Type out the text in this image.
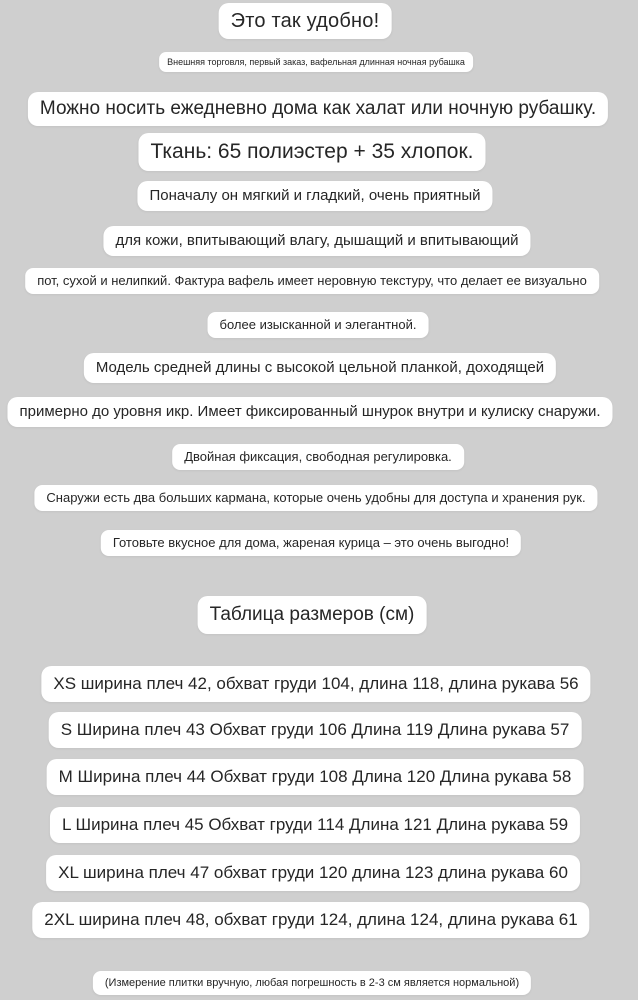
Это так удобно!
Внешняя торговля, первый заказ, вафельная длинная ночная рубашка
Можно носить ежедневно дома как халат или ночную рубашку.
Ткань: 65 полиэстер + 35 хлопок.
Поначалу он мягкий и гладкий, очень приятный
для кожи, впитывающий влагу, дышащий и впитывающий
пот, сухой и нелипкий. Фактура вафель имеет неровную текстуру, что делает ее визуально
более изысканной и элегантной.
Модель средней длины с высокой цельной планкой, доходящей
примерно до уровня икр. Имеет фиксированный шнурок внутри и кулиску снаружи.
Двойная фиксация, свободная регулировка.
Снаружи есть два больших кармана, которые очень удобны для доступа и хранения рук.
Готовьте вкусное для дома, жареная курица – это очень выгодно!
Таблица размеров (см)
XS ширина плеч 42, обхват груди 104, длина 118, длина рукава 56
S Ширина плеч 43 Обхват груди 106 Длина 119 Длина рукава 57
M Ширина плеч 44 Обхват груди 108 Длина 120 Длина рукава 58
L Ширина плеч 45 Обхват груди 114 Длина 121 Длина рукава 59
XL ширина плеч 47 обхват груди 120 длина 123 длина рукава 60
2XL ширина плеч 48, обхват груди 124, длина 124, длина рукава 61
(Измерение плитки вручную, любая погрешность в 2-3 см является нормальной)
